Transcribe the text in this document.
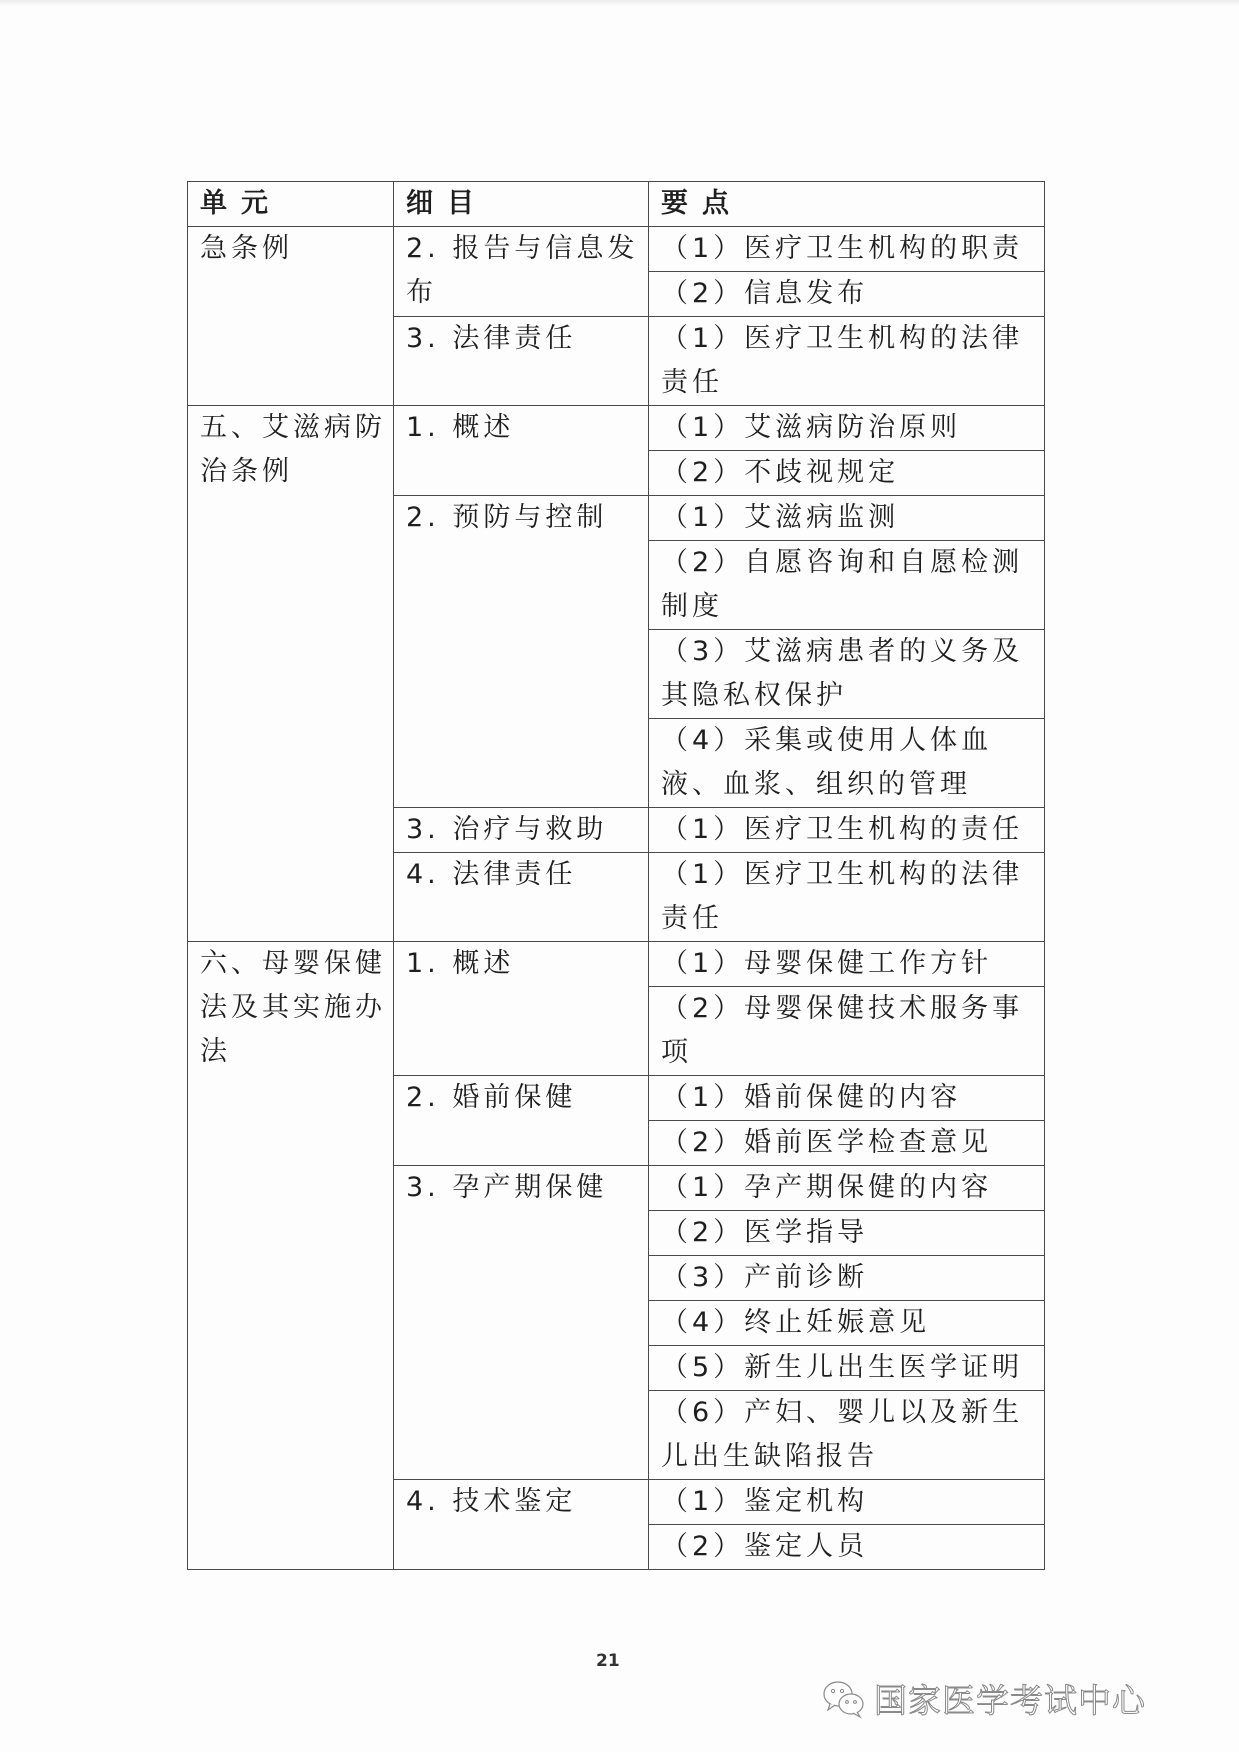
单元	细目	要点
急条例	2. 报告与信息发布	（1）医疗卫生机构的职责
		（2）信息发布
	3. 法律责任	（1）医疗卫生机构的法律责任
五、艾滋病防治条例	1. 概述	（1）艾滋病防治原则
		（2）不歧视规定
	2. 预防与控制	（1）艾滋病监测
		（2）自愿咨询和自愿检测制度
		（3）艾滋病患者的义务及其隐私权保护
		（4）采集或使用人体血液、血浆、组织的管理
	3. 治疗与救助	（1）医疗卫生机构的责任
	4. 法律责任	（1）医疗卫生机构的法律责任
六、母婴保健法及其实施办法	1. 概述	（1）母婴保健工作方针
		（2）母婴保健技术服务事项
	2. 婚前保健	（1）婚前保健的内容
		（2）婚前医学检查意见
	3. 孕产期保健	（1）孕产期保健的内容
		（2）医学指导
		（3）产前诊断
		（4）终止妊娠意见
		（5）新生儿出生医学证明
		（6）产妇、婴儿以及新生儿出生缺陷报告
	4. 技术鉴定	（1）鉴定机构
		（2）鉴定人员
21
国家医学考试中心
